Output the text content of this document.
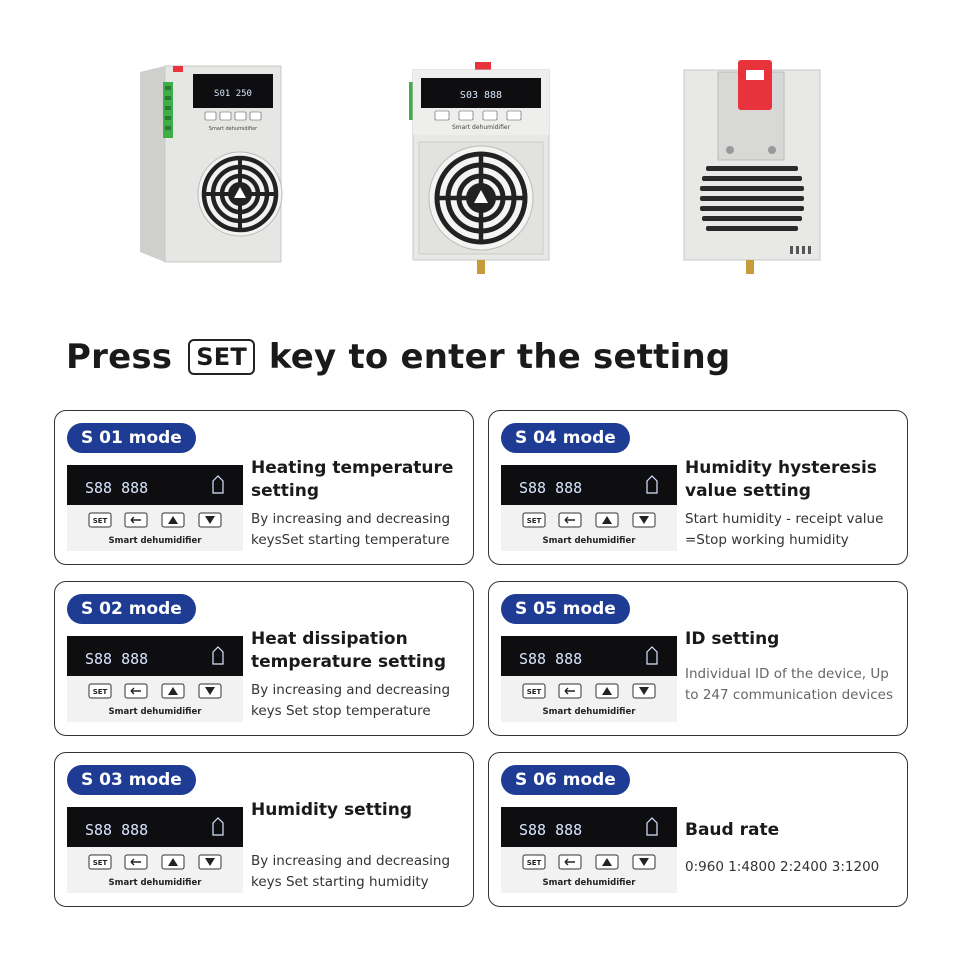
S01 250
Smart dehumidifier
S03 888
Smart dehumidifier
Press	SET key to enter the setting
S 01 mode
S88 888
SET
Smart dehumidifier
Heating temperature setting
By increasing and decreasing keysSet starting temperature
S 04 mode
S88 888
SET
Smart dehumidifier
Humidity hysteresis value setting
Start humidity - receipt value =Stop working humidity
S 02 mode
S88 888
SET
Smart dehumidifier
Heat dissipation temperature setting
By increasing and decreasing keys Set stop temperature
S 05 mode
S88 888
SET
Smart dehumidifier
ID setting
Individual ID of the device, Up to 247 communication devices
S 03 mode
S88 888
SET
Smart dehumidifier
Humidity setting
By increasing and decreasing keys Set starting humidity
S 06 mode
S88 888
SET
Smart dehumidifier
Baud rate
0:960 1:4800 2:2400 3:1200
